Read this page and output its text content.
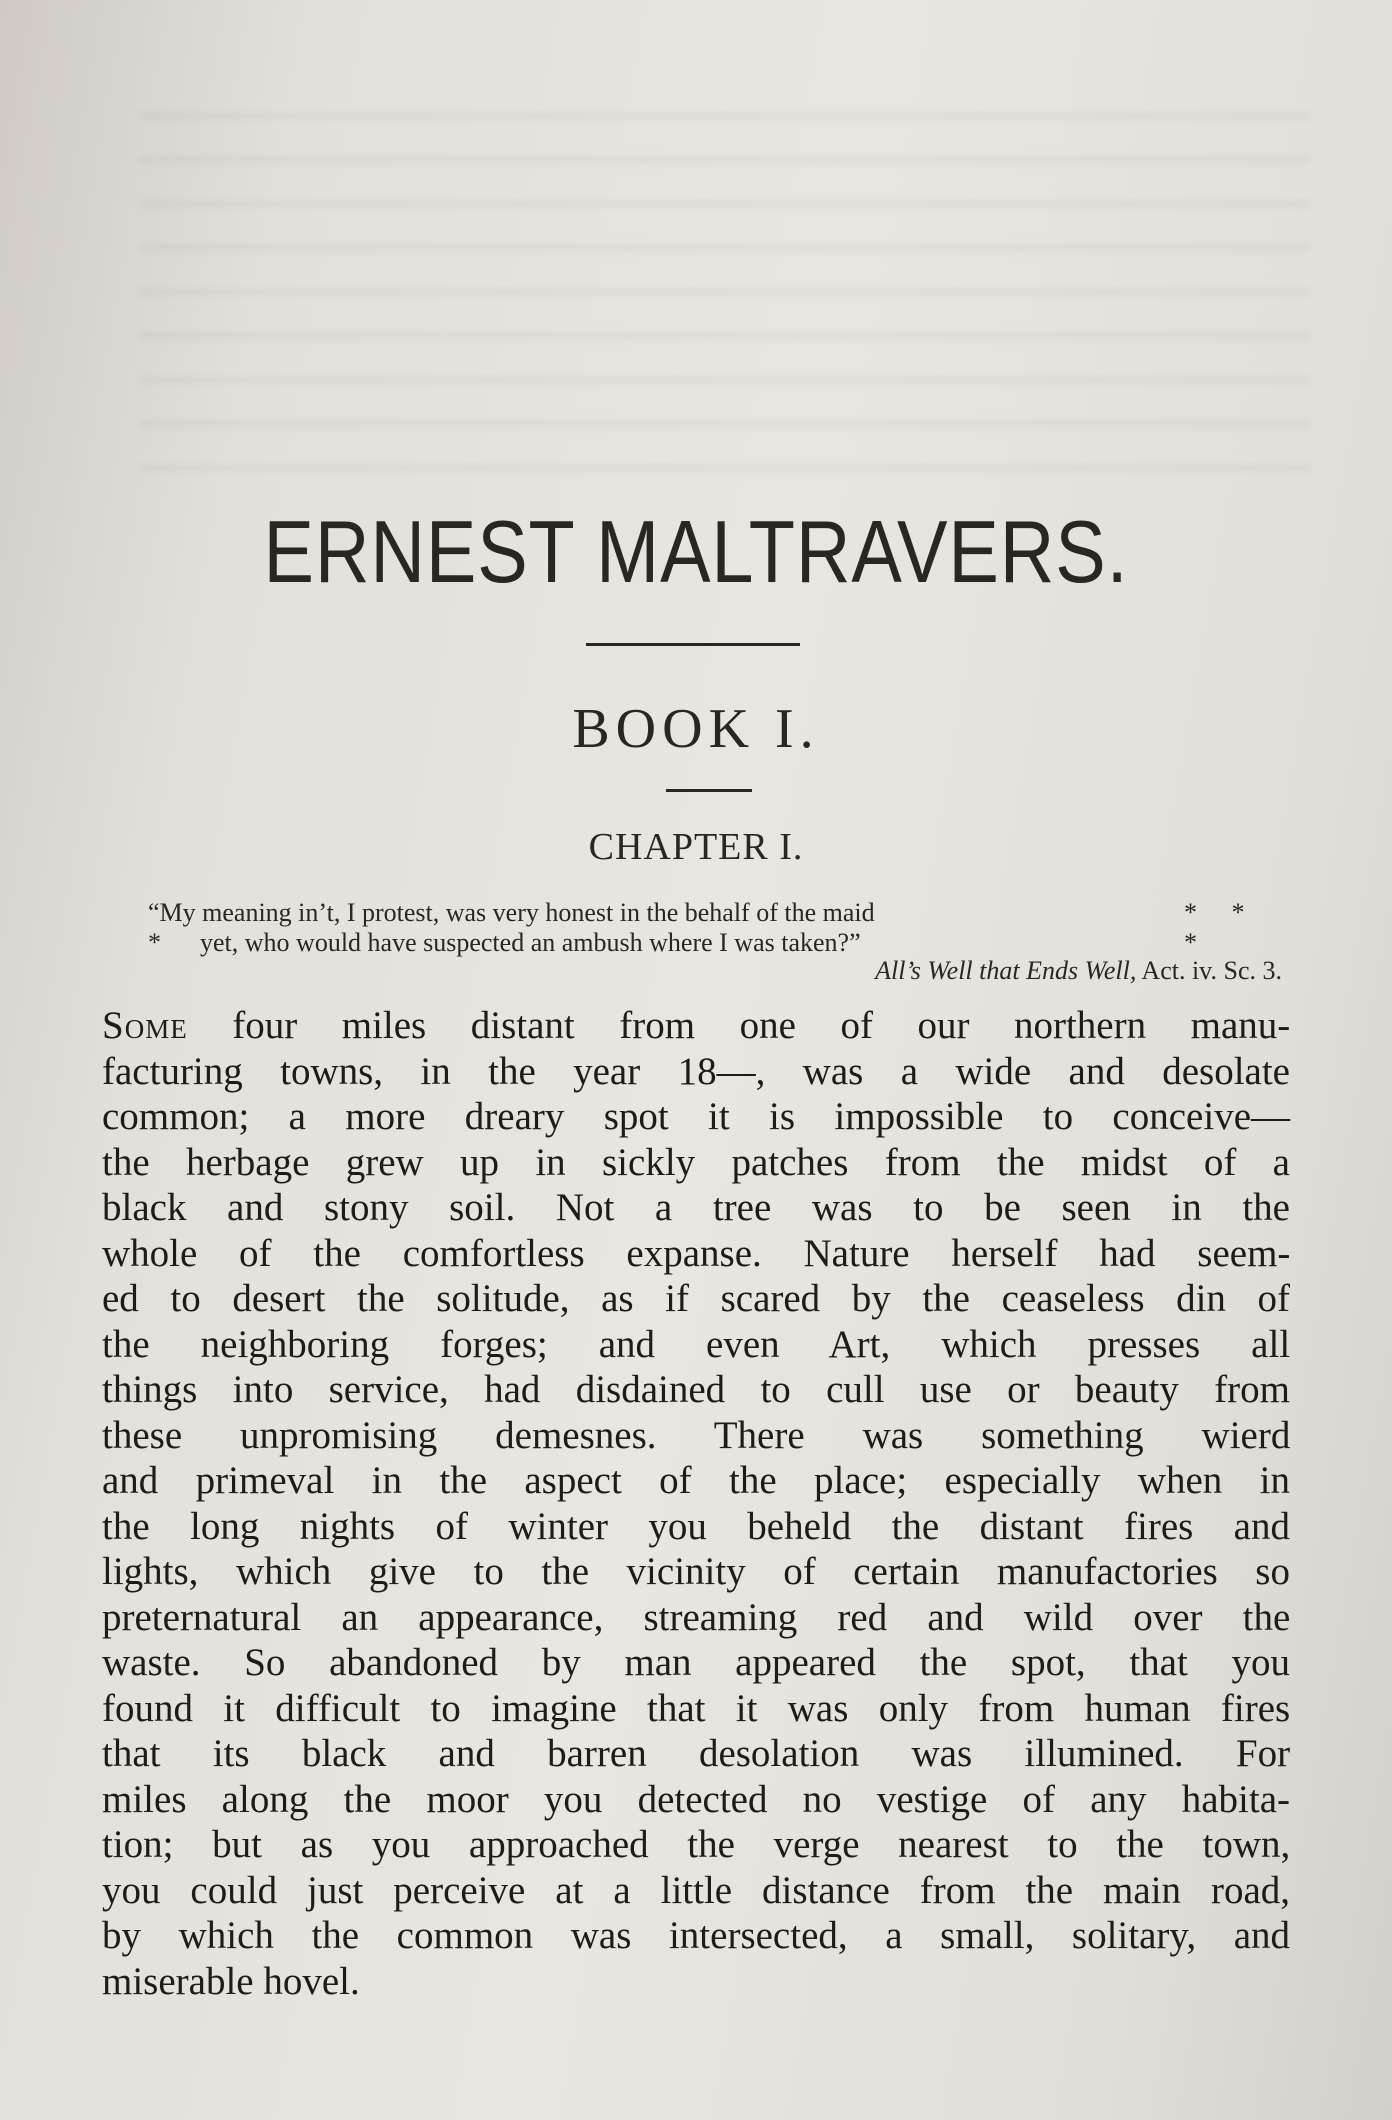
ERNEST MALTRAVERS.
BOOK I.
CHAPTER I.
“My meaning in’t, I protest, was very honest in the behalf of the maid	* * *
*	yet, who would have suspected an ambush where I was taken?”
All’s Well that Ends Well, Act. iv. Sc. 3.
Some four miles distant from one of our northern manu-
facturing towns, in the year 18—, was a wide and desolate
common; a more dreary spot it is impossible to conceive—
the herbage grew up in sickly patches from the midst of a
black and stony soil. Not a tree was to be seen in the
whole of the comfortless expanse. Nature herself had seem-
ed to desert the solitude, as if scared by the ceaseless din of
the neighboring forges; and even Art, which presses all
things into service, had disdained to cull use or beauty from
these unpromising demesnes. There was something wierd
and primeval in the aspect of the place; especially when in
the long nights of winter you beheld the distant fires and
lights, which give to the vicinity of certain manufactories so
preternatural an appearance, streaming red and wild over the
waste. So abandoned by man appeared the spot, that you
found it difficult to imagine that it was only from human fires
that its black and barren desolation was illumined. For
miles along the moor you detected no vestige of any habita-
tion; but as you approached the verge nearest to the town,
you could just perceive at a little distance from the main road,
by which the common was intersected, a small, solitary, and
miserable hovel.
